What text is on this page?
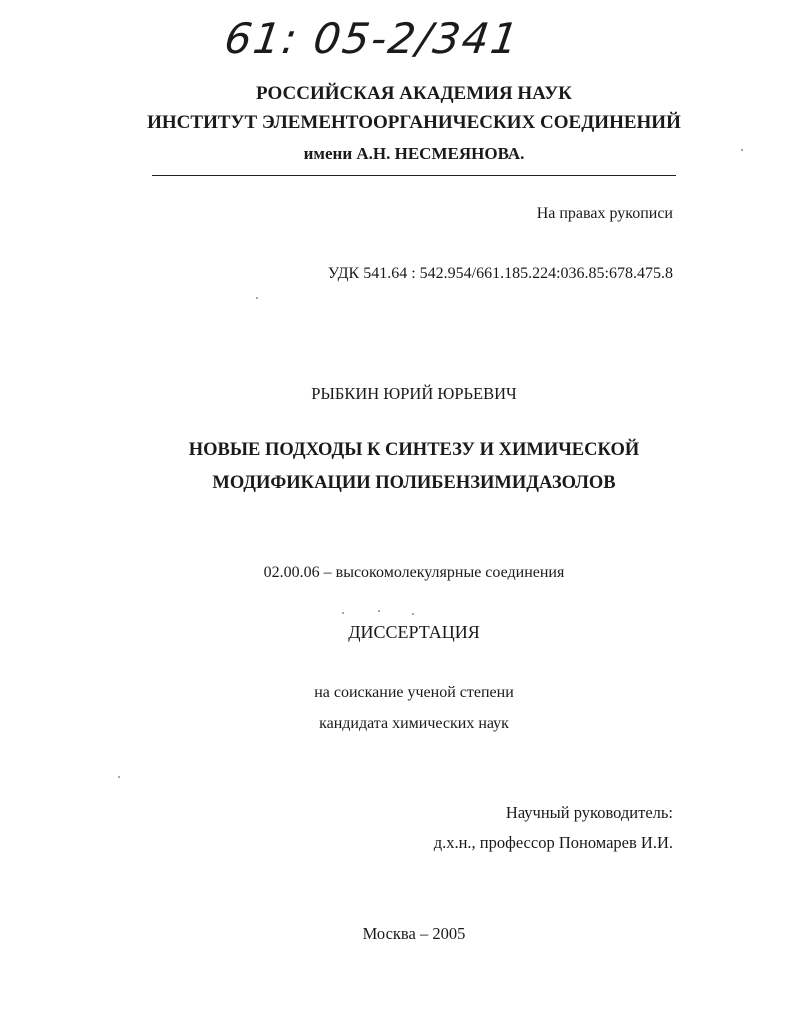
61: 05-2/341
РОССИЙСКАЯ АКАДЕМИЯ НАУК
ИНСТИТУТ ЭЛЕМЕНТООРГАНИЧЕСКИХ СОЕДИНЕНИЙ
имени А.Н. НЕСМЕЯНОВА.
На правах рукописи
УДК 541.64 : 542.954/661.185.224:036.85:678.475.8
РЫБКИН ЮРИЙ ЮРЬЕВИЧ
НОВЫЕ ПОДХОДЫ К СИНТЕЗУ И ХИМИЧЕСКОЙ
МОДИФИКАЦИИ ПОЛИБЕНЗИМИДАЗОЛОВ
02.00.06 – высокомолекулярные соединения
ДИССЕРТАЦИЯ
на соискание ученой степени
кандидата химических наук
Научный руководитель:
д.х.н., профессор Пономарев И.И.
Москва – 2005
